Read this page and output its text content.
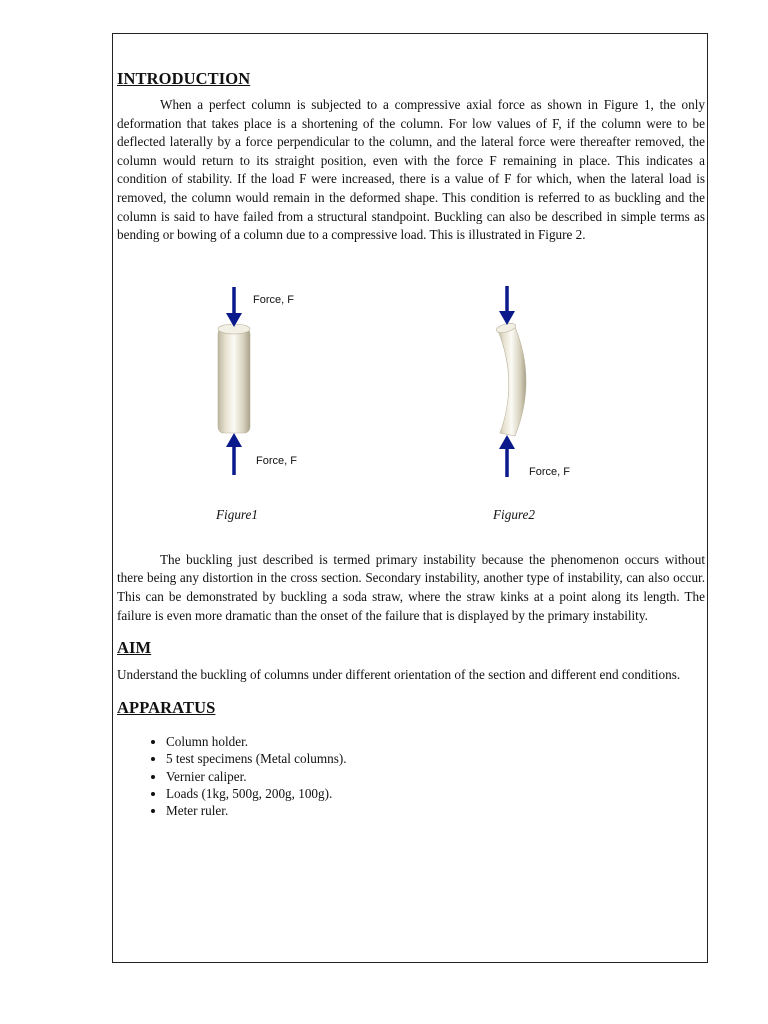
INTRODUCTION

When a perfect column is subjected to a compressive axial force as shown in Figure 1, the only deformation that takes place is a shortening of the column. For low values of F, if the column were to be deflected laterally by a force perpendicular to the column, and the lateral force were thereafter removed, the column would return to its straight position, even with the force F remaining in place. This indicates a condition of stability. If the load F were increased, there is a value of F for which, when the lateral load is removed, the column would remain in the deformed shape. This condition is referred to as buckling and the column is said to have failed from a structural standpoint. Buckling can also be described in simple terms as bending or bowing of a column due to a compressive load. This is illustrated in Figure 2.

Force, F
Force, F
Force, F
Figure1	Figure2

The buckling just described is termed primary instability because the phenomenon occurs without there being any distortion in the cross section. Secondary instability, another type of instability, can also occur. This can be demonstrated by buckling a soda straw, where the straw kinks at a point along its length. The failure is even more dramatic than the onset of the failure that is displayed by the primary instability.

AIM

Understand the buckling of columns under different orientation of the section and different end conditions.

APPARATUS
• Column holder.
• 5 test specimens (Metal columns).
• Vernier caliper.
• Loads (1kg, 500g, 200g, 100g).
• Meter ruler.
